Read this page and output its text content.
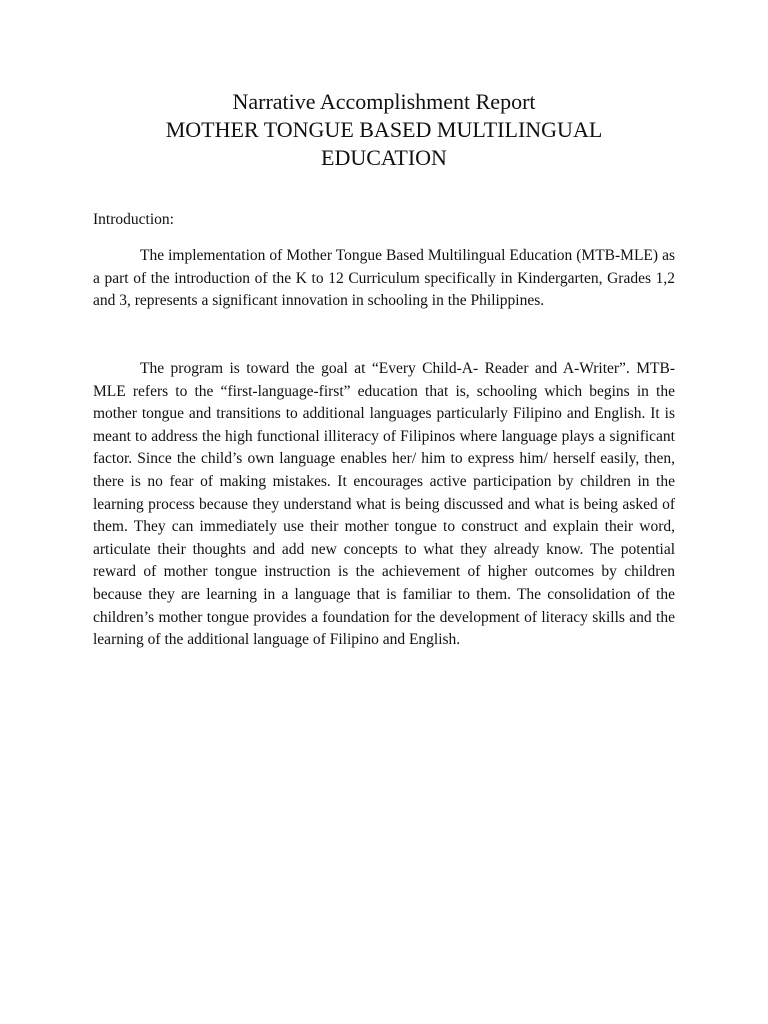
Narrative Accomplishment Report

MOTHER TONGUE BASED MULTILINGUAL

EDUCATION

Introduction:

The implementation of Mother Tongue Based Multilingual Education (MTB-MLE) as a part of the introduction of the K to 12 Curriculum specifically in Kindergarten, Grades 1,2 and 3, represents a significant innovation in schooling in the Philippines.

The program is toward the goal at “Every Child-A- Reader and A-Writer”. MTB- MLE refers to the “first-language-first” education that is, schooling which begins in the mother tongue and transitions to additional languages particularly Filipino and English. It is meant to address the high functional illiteracy of Filipinos where language plays a significant factor. Since the child’s own language enables her/ him to express him/ herself easily, then, there is no fear of making mistakes. It encourages active participation by children in the learning process because they understand what is being discussed and what is being asked of them. They can immediately use their mother tongue to construct and explain their word, articulate their thoughts and add new concepts to what they already know. The potential reward of mother tongue instruction is the achievement of higher outcomes by children because they are learning in a language that is familiar to them. The consolidation of the children’s mother tongue provides a foundation for the development of literacy skills and the learning of the additional language of Filipino and English.
